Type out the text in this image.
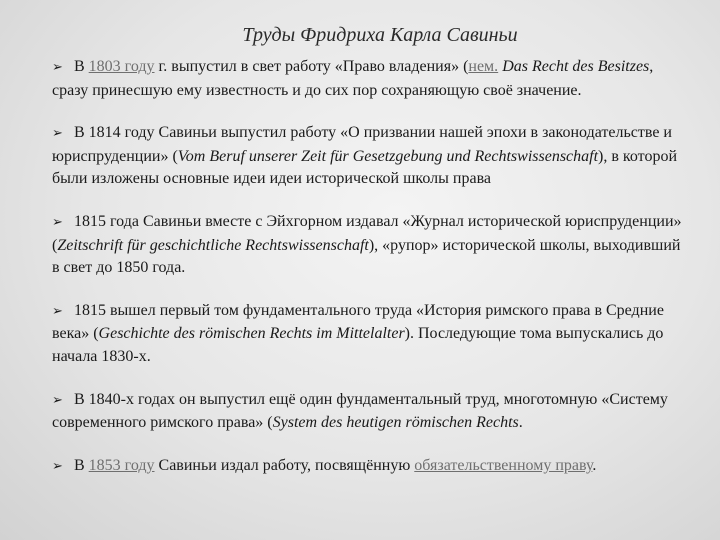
Труды Фридриха Карла Савиньи

➢ В 1803 году г. выпустил в свет работу «Право владения» (нем. Das Recht des Besitzes, сразу принесшую ему известность и до сих пор сохраняющую своё значение.

➢ В 1814 году Савиньи выпустил работу «О призвании нашей эпохи в законодательстве и юриспруденции» (Vom Beruf unserer Zeit für Gesetzgebung und Rechtswissenschaft), в которой были изложены основные идеи идеи исторической школы права

➢ 1815 года Савиньи вместе с Эйхгорном издавал «Журнал исторической юриспруденции» (Zeitschrift für geschichtliche Rechtswissenschaft), «рупор» исторической школы, выходивший в свет до 1850 года.

➢ 1815 вышел первый том фундаментального труда «История римского права в Средние века» (Geschichte des römischen Rechts im Mittelalter). Последующие тома выпускались до начала 1830-х.

➢ В 1840-х годах он выпустил ещё один фундаментальный труд, многотомную «Систему современного римского права» (System des heutigen römischen Rechts.

➢ В 1853 году Савиньи издал работу, посвящённую обязательственному праву.
